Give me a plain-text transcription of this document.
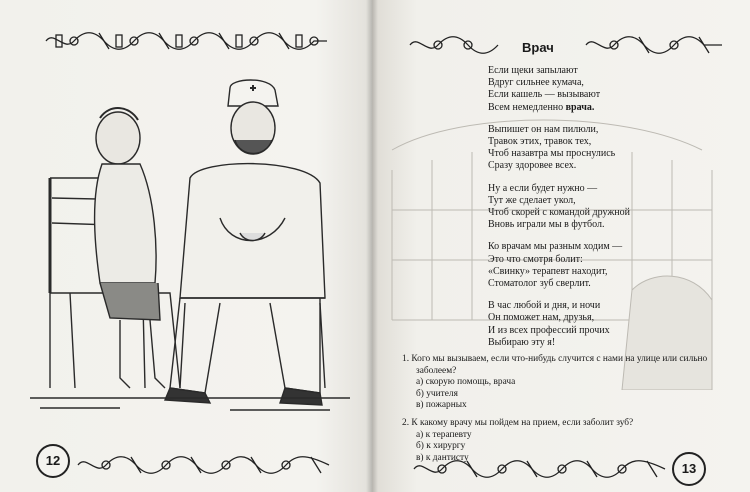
12
Врач
Если щеки запылают
Вдруг сильнее кумача,
Если кашель — вызывают
Всем немедленно врача.
Выпишет он нам пилюли,
Травок этих, травок тех,
Чтоб назавтра мы проснулись
Сразу здоровее всех.
Ну а если будет нужно —
Тут же сделает укол,
Чтоб скорей с командой дружной
Вновь играли мы в футбол.
Ко врачам мы разным ходим —
Это что смотря болит:
«Свинку» терапевт находит,
Стоматолог зуб сверлит.
В час любой и дня, и ночи
Он поможет нам, друзья,
И из всех профессий прочих
Выбираю эту я!
1. Кого мы вызываем, если что-нибудь случится с нами на улице или сильно заболеем?
а) скорую помощь, врача
б) учителя
в) пожарных
2. К какому врачу мы пойдем на прием, если заболит зуб?
а) к терапевту
б) к хирургу
в) к дантисту
13
